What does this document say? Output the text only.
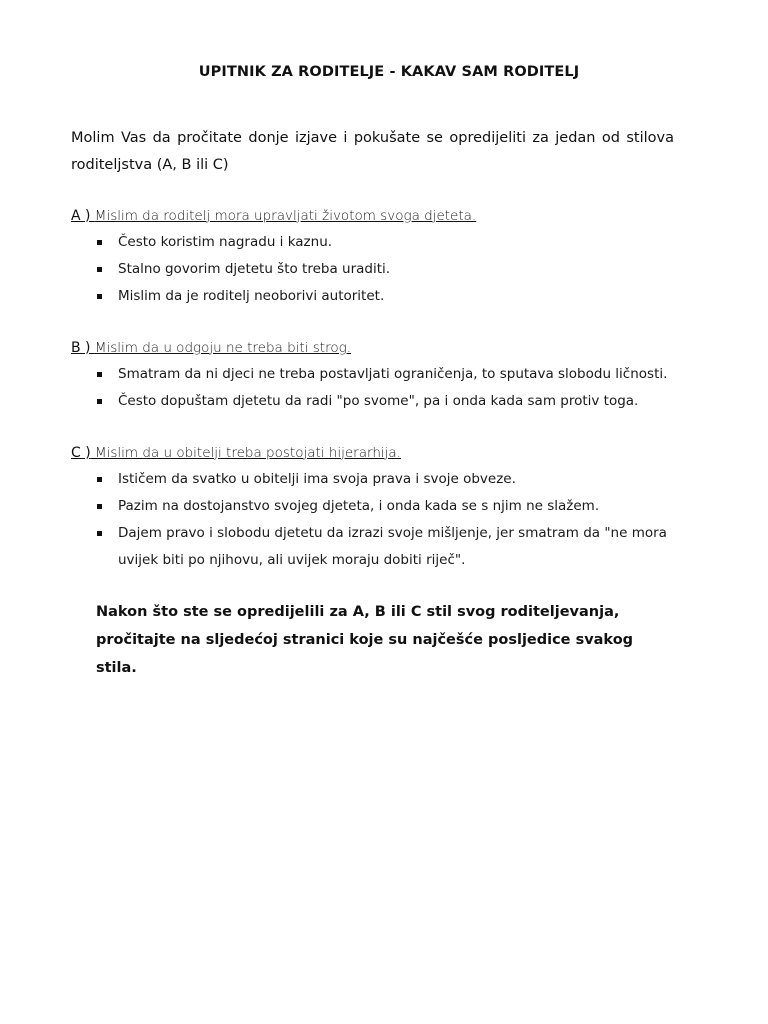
UPITNIK ZA RODITELJE - KAKAV SAM RODITELJ
Molim Vas da pročitate donje izjave i pokušate se opredijeliti za jedan od stilova roditeljstva (A, B ili C)
A ) Mislim da roditelj mora upravljati životom svoga djeteta.
Često koristim nagradu i kaznu.
Stalno govorim djetetu što treba uraditi.
Mislim da je roditelj neoborivi autoritet.
B ) Mislim da u odgoju ne treba biti strog.
Smatram da ni djeci ne treba postavljati ograničenja, to sputava slobodu ličnosti.
Često dopuštam djetetu da radi "po svome", pa i onda kada sam protiv toga.
C ) Mislim da u obitelji treba postojati hijerarhija.
Ističem da svatko u obitelji ima svoja prava i svoje obveze.
Pazim na dostojanstvo svojeg djeteta, i onda kada se s njim ne slažem.
Dajem pravo i slobodu djetetu da izrazi svoje mišljenje, jer smatram da "ne mora uvijek biti po njihovu, ali uvijek moraju dobiti riječ".
Nakon što ste se opredijelili za A, B ili C stil svog roditeljevanja, pročitajte na sljedećoj stranici koje su najčešće posljedice svakog stila.
